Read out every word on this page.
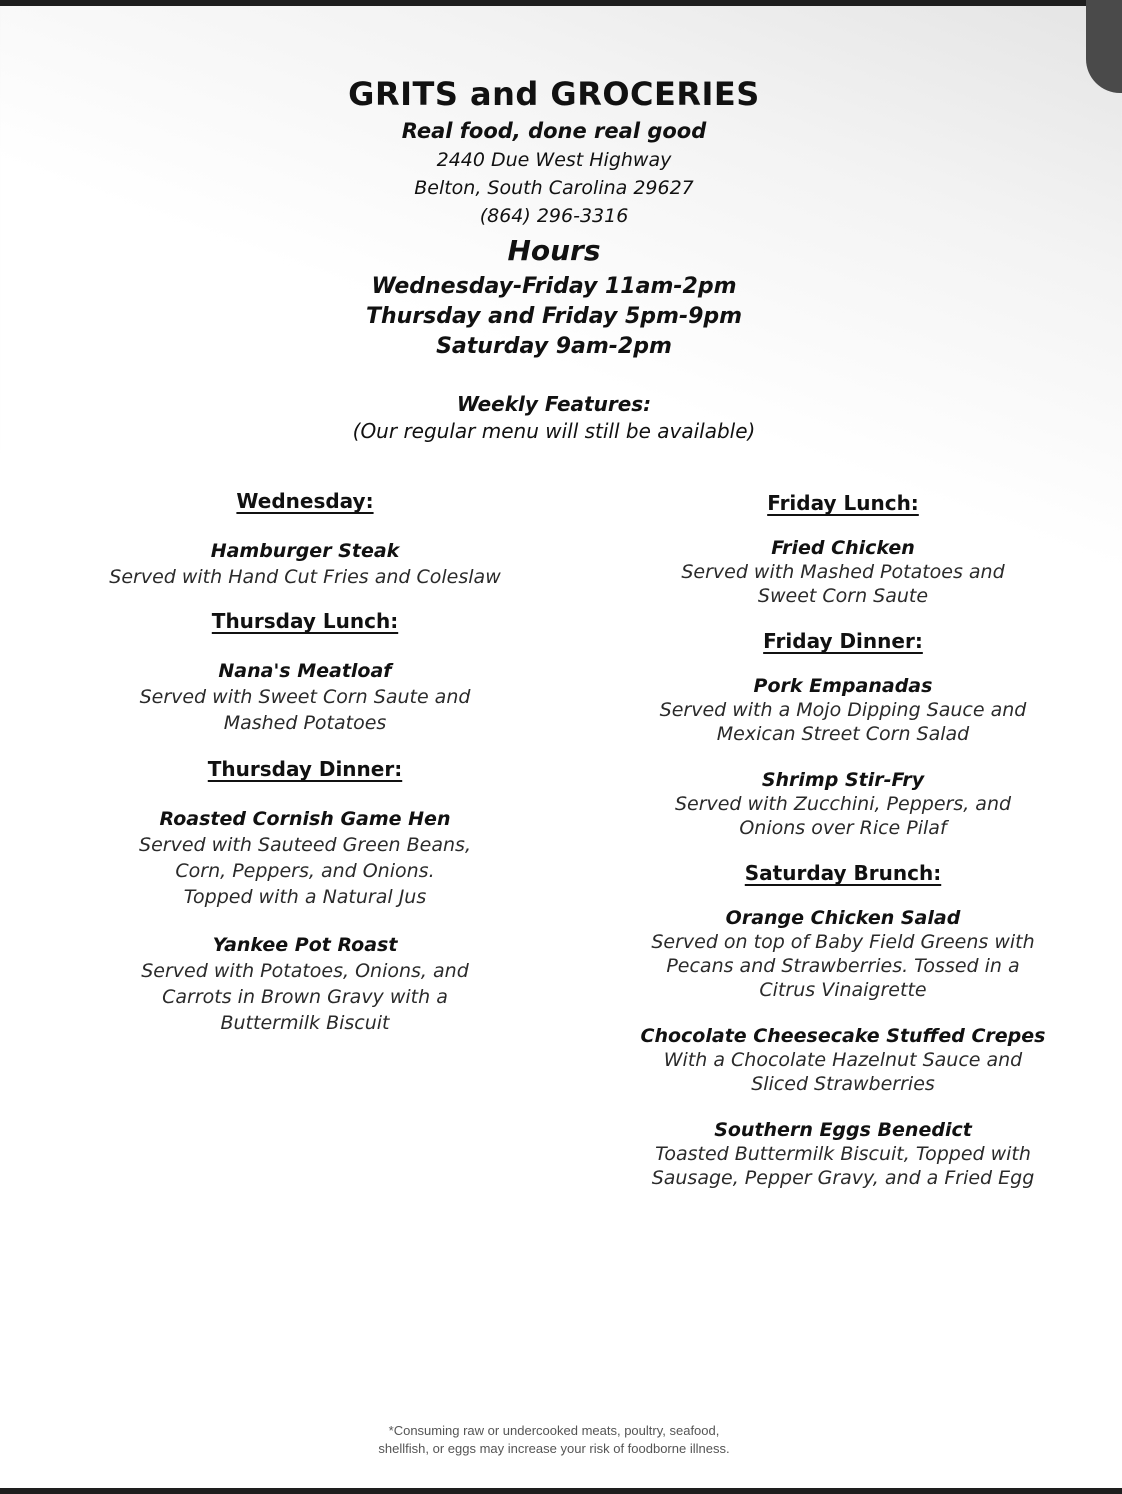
GRITS and GROCERIES
Real food, done real good
2440 Due West Highway
Belton, South Carolina 29627
(864) 296-3316
Hours
Wednesday-Friday 11am-2pm
Thursday and Friday 5pm-9pm
Saturday 9am-2pm
Weekly Features:
(Our regular menu will still be available)
Wednesday:
Hamburger Steak
Served with Hand Cut Fries and Coleslaw
Thursday Lunch:
Nana's Meatloaf
Served with Sweet Corn Saute and
Mashed Potatoes
Thursday Dinner:
Roasted Cornish Game Hen
Served with Sauteed Green Beans,
Corn, Peppers, and Onions.
Topped with a Natural Jus
Yankee Pot Roast
Served with Potatoes, Onions, and
Carrots in Brown Gravy with a
Buttermilk Biscuit
Friday Lunch:
Fried Chicken
Served with Mashed Potatoes and
Sweet Corn Saute
Friday Dinner:
Pork Empanadas
Served with a Mojo Dipping Sauce and
Mexican Street Corn Salad
Shrimp Stir-Fry
Served with Zucchini, Peppers, and
Onions over Rice Pilaf
Saturday Brunch:
Orange Chicken Salad
Served on top of Baby Field Greens with
Pecans and Strawberries. Tossed in a
Citrus Vinaigrette
Chocolate Cheesecake Stuffed Crepes
With a Chocolate Hazelnut Sauce and
Sliced Strawberries
Southern Eggs Benedict
Toasted Buttermilk Biscuit, Topped with
Sausage, Pepper Gravy, and a Fried Egg
*Consuming raw or undercooked meats, poultry, seafood,
shellfish, or eggs may increase your risk of foodborne illness.
